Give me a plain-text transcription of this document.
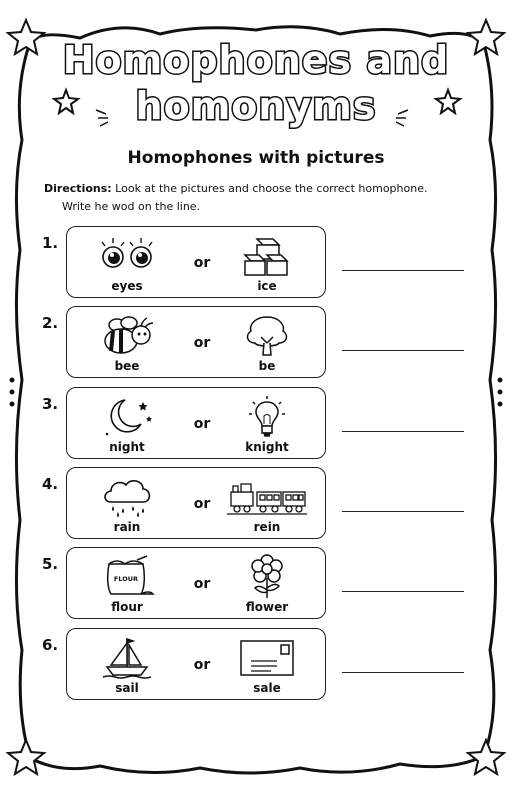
Homophones and
homonyms
Homophones with pictures
Directions: Look at the pictures and choose the correct homophone.
Write he wod on the line.
1.
eyes
or
ice
2.
bee
or
be
3.
night
or
knight
4.
rain
or
rein
5.
FLOUR
flour
or
flower
6.
sail
or
sale
